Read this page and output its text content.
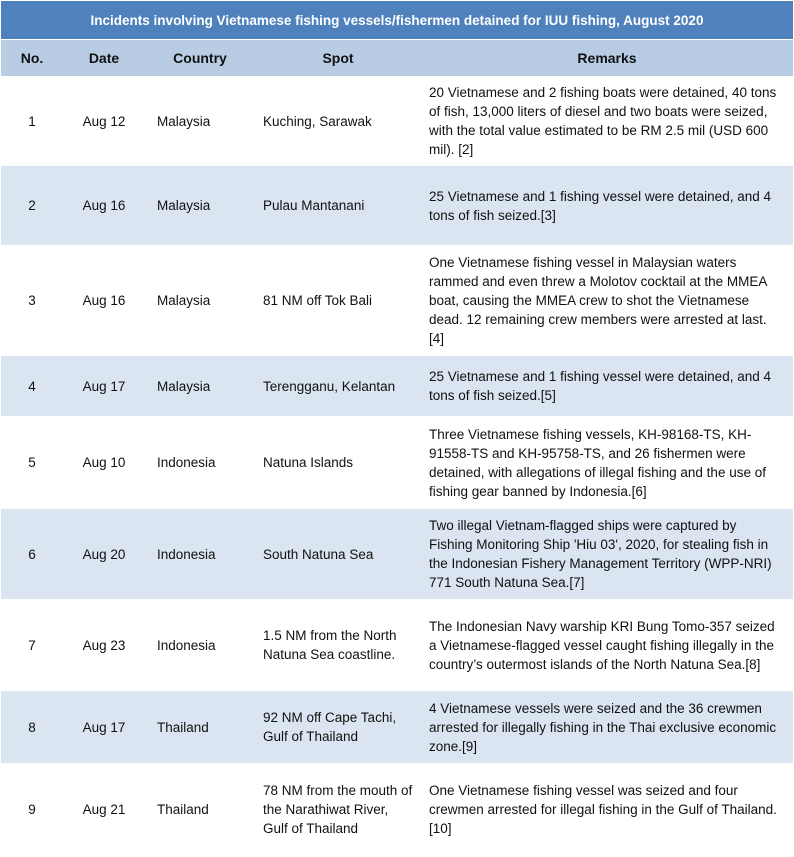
Incidents involving Vietnamese fishing vessels/fishermen detained for IUU fishing, August 2020
No.	Date	Country	Spot	Remarks
1	Aug 12	Malaysia	Kuching, Sarawak	20 Vietnamese and 2 fishing boats were detained, 40 tons of fish, 13,000 liters of diesel and two boats were seized, with the total value estimated to be RM 2.5 mil (USD 600 mil). [2]
2	Aug 16	Malaysia	Pulau Mantanani	25 Vietnamese and 1 fishing vessel were detained, and 4 tons of fish seized.[3]
3	Aug 16	Malaysia	81 NM off Tok Bali	One Vietnamese fishing vessel in Malaysian waters rammed and even threw a Molotov cocktail at the MMEA boat, causing the MMEA crew to shot the Vietnamese dead. 12 remaining crew members were arrested at last. [4]
4	Aug 17	Malaysia	Terengganu, Kelantan	25 Vietnamese and 1 fishing vessel were detained, and 4 tons of fish seized.[5]
5	Aug 10	Indonesia	Natuna Islands	Three Vietnamese fishing vessels, KH-98168-TS, KH-91558-TS and KH-95758-TS, and 26 fishermen were detained, with allegations of illegal fishing and the use of fishing gear banned by Indonesia.[6]
6	Aug 20	Indonesia	South Natuna Sea	Two illegal Vietnam-flagged ships were captured by Fishing Monitoring Ship 'Hiu 03', 2020, for stealing fish in the Indonesian Fishery Management Territory (WPP-NRI) 771 South Natuna Sea.[7]
7	Aug 23	Indonesia	1.5 NM from the North Natuna Sea coastline.	The Indonesian Navy warship KRI Bung Tomo-357 seized a Vietnamese-flagged vessel caught fishing illegally in the country’s outermost islands of the North Natuna Sea.[8]
8	Aug 17	Thailand	92 NM off Cape Tachi, Gulf of Thailand	4 Vietnamese vessels were seized and the 36 crewmen arrested for illegally fishing in the Thai exclusive economic zone.[9]
9	Aug 21	Thailand	78 NM from the mouth of the Narathiwat River, Gulf of Thailand	One Vietnamese fishing vessel was seized and four crewmen arrested for illegal fishing in the Gulf of Thailand.[10]
